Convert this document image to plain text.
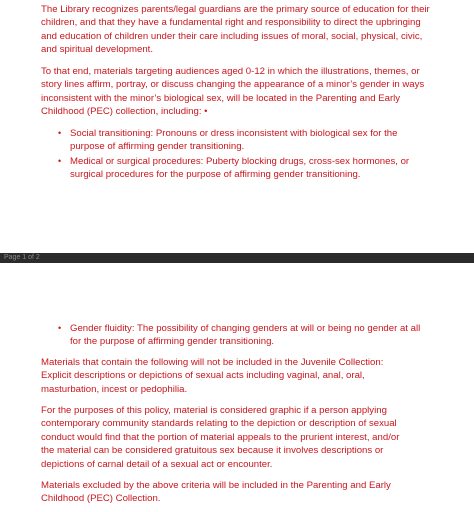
The Library recognizes parents/legal guardians are the primary source of education for their
children, and that they have a fundamental right and responsibility to direct the upbringing
and education of children under their care including issues of moral, social, physical, civic,
and spiritual development.

To that end, materials targeting audiences aged 0-12 in which the illustrations, themes, or
story lines affirm, portray, or discuss changing the appearance of a minor’s gender in ways
inconsistent with the minor’s biological sex, will be located in the Parenting and Early
Childhood (PEC) collection, including: •

• Social transitioning: Pronouns or dress inconsistent with biological sex for the
purpose of affirming gender transitioning.
• Medical or surgical procedures: Puberty blocking drugs, cross-sex hormones, or
surgical procedures for the purpose of affirming gender transitioning.
Page 1 of 2
• Gender fluidity: The possibility of changing genders at will or being no gender at all
for the purpose of affirming gender transitioning.

Materials that contain the following will not be included in the Juvenile Collection:
Explicit descriptions or depictions of sexual acts including vaginal, anal, oral,
masturbation, incest or pedophilia.

For the purposes of this policy, material is considered graphic if a person applying
contemporary community standards relating to the depiction or description of sexual
conduct would find that the portion of material appeals to the prurient interest, and/or
the material can be considered gratuitous sex because it involves descriptions or
depictions of carnal detail of a sexual act or encounter.

Materials excluded by the above criteria will be included in the Parenting and Early
Childhood (PEC) Collection.
